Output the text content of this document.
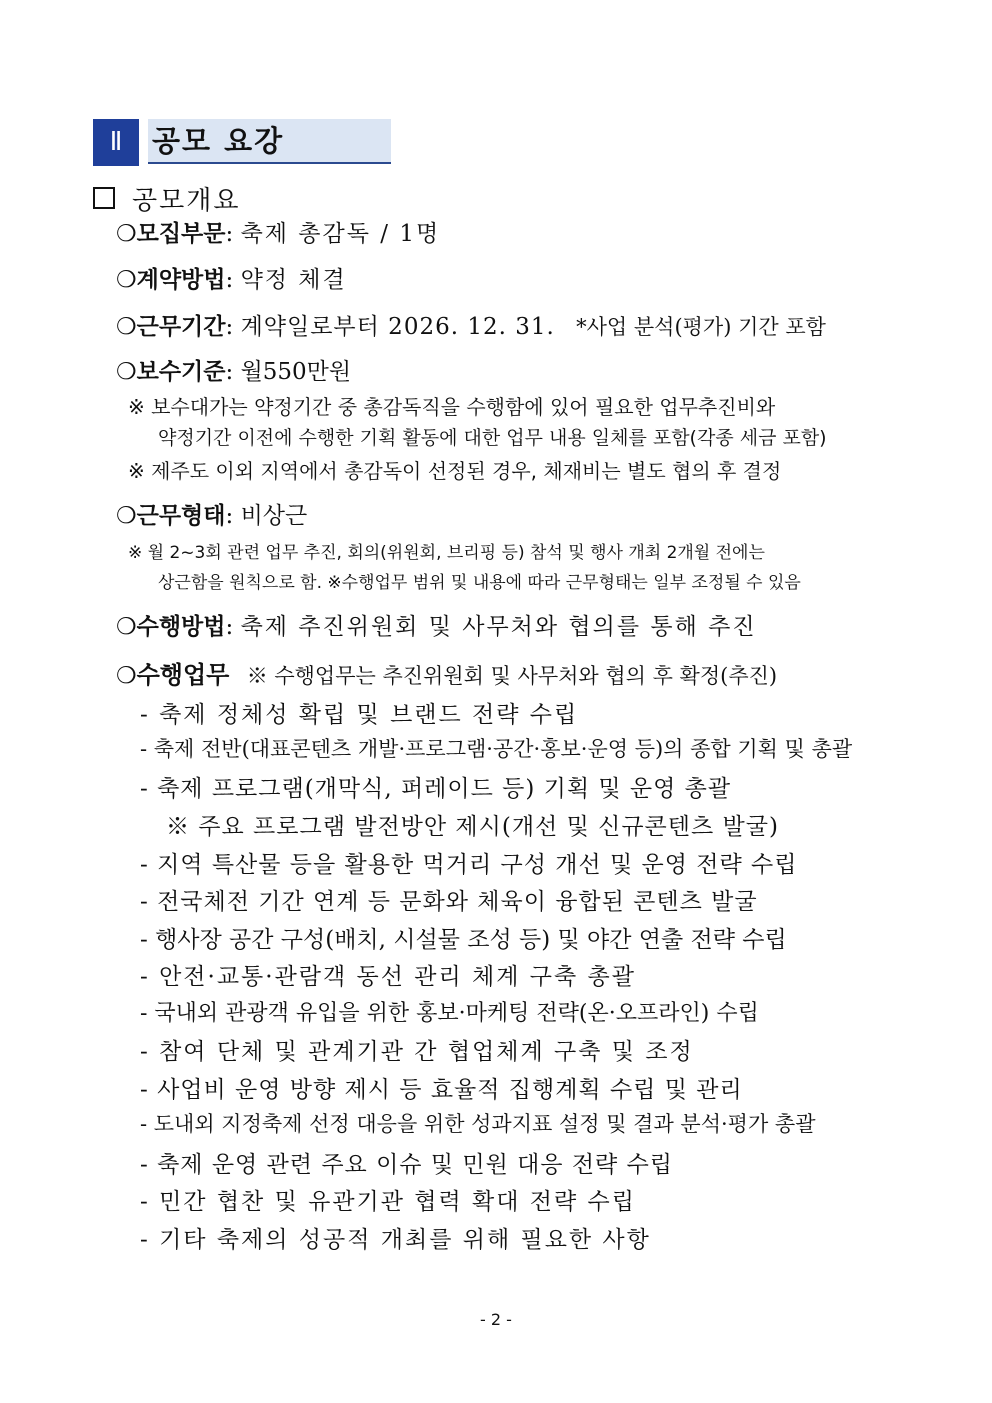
Ⅱ	공모 요강
공모개요
❍모집부문: 축제 총감독 / 1명
❍계약방법: 약정 체결
❍근무기간: 계약일로부터 2026. 12. 31. *사업 분석(평가) 기간 포함
❍보수기준: 월550만원
※ 보수대가는 약정기간 중 총감독직을 수행함에 있어 필요한 업무추진비와
약정기간 이전에 수행한 기획 활동에 대한 업무 내용 일체를 포함(각종 세금 포함)
※ 제주도 이외 지역에서 총감독이 선정된 경우, 체재비는 별도 협의 후 결정
❍근무형태: 비상근
※ 월 2~3회 관련 업무 추진, 회의(위원회, 브리핑 등) 참석 및 행사 개최 2개월 전에는
상근함을 원칙으로 함. ※수행업무 범위 및 내용에 따라 근무형태는 일부 조정될 수 있음
❍수행방법: 축제 추진위원회 및 사무처와 협의를 통해 추진
❍수행업무 ※ 수행업무는 추진위원회 및 사무처와 협의 후 확정(추진)
- 축제 정체성 확립 및 브랜드 전략 수립
- 축제 전반(대표콘텐츠 개발·프로그램·공간·홍보·운영 등)의 종합 기획 및 총괄
- 축제 프로그램(개막식, 퍼레이드 등) 기획 및 운영 총괄
※ 주요 프로그램 발전방안 제시(개선 및 신규콘텐츠 발굴)
- 지역 특산물 등을 활용한 먹거리 구성 개선 및 운영 전략 수립
- 전국체전 기간 연계 등 문화와 체육이 융합된 콘텐츠 발굴
- 행사장 공간 구성(배치, 시설물 조성 등) 및 야간 연출 전략 수립
- 안전·교통·관람객 동선 관리 체계 구축 총괄
- 국내외 관광객 유입을 위한 홍보·마케팅 전략(온·오프라인) 수립
- 참여 단체 및 관계기관 간 협업체계 구축 및 조정
- 사업비 운영 방향 제시 등 효율적 집행계획 수립 및 관리
- 도내외 지정축제 선정 대응을 위한 성과지표 설정 및 결과 분석·평가 총괄
- 축제 운영 관련 주요 이슈 및 민원 대응 전략 수립
- 민간 협찬 및 유관기관 협력 확대 전략 수립
- 기타 축제의 성공적 개최를 위해 필요한 사항
- 2 -
